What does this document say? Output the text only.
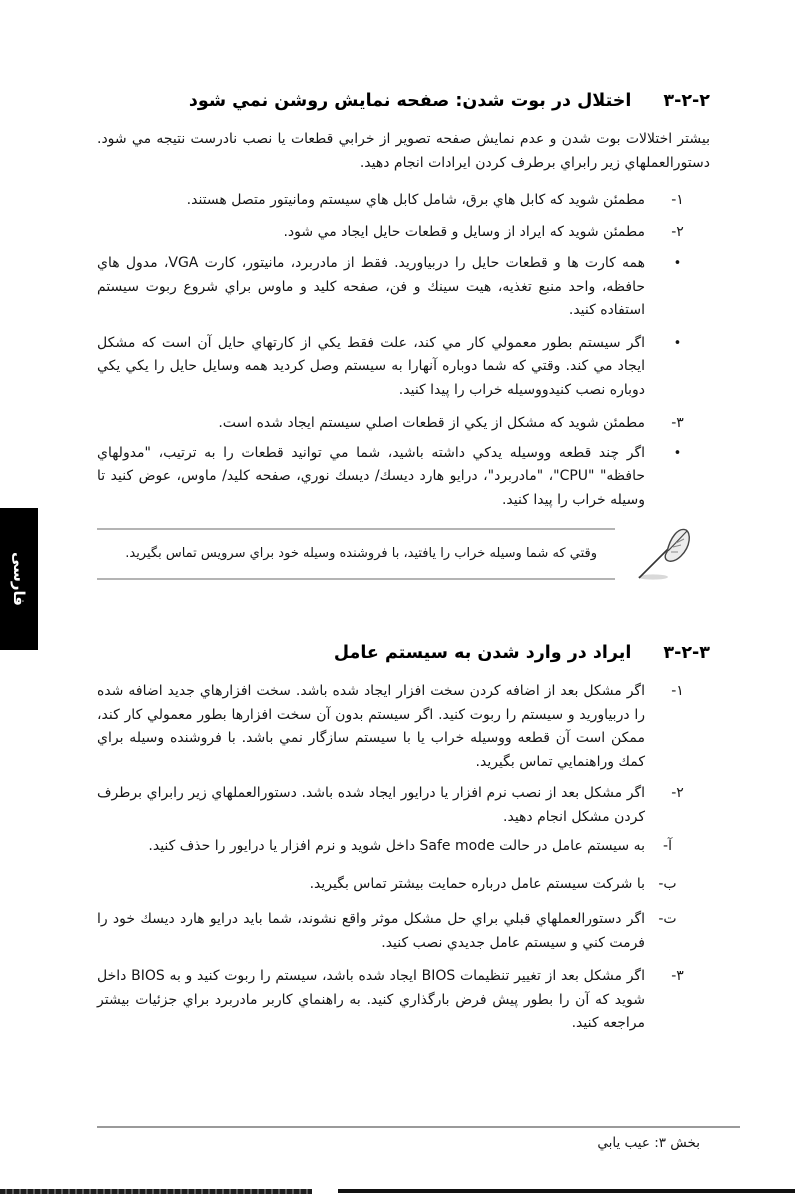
فارسی
۳-۲-۲ اختلال در بوت شدن: صفحه نمایش روشن نمي شود

بیشتر اختلالات بوت شدن و عدم نمایش صفحه تصویر از خرابي قطعات یا نصب نادرست نتیجه مي شود. دستورالعملهاي زیر رابراي برطرف کردن ایرادات انجام دهید.

۱-
مطمئن شوید که کابل هاي برق، شامل کابل هاي سیستم ومانیتور متصل هستند.
۲-
مطمئن شوید که ایراد از وسایل و قطعات حایل ایجاد مي شود.
•
همه کارت ها و قطعات حایل را دربیاورید. فقط از مادربرد، مانیتور، کارت VGA، مدول هاي حافظه، واحد منبع تغذیه، هیت سینك و فن، صفحه کلید و ماوس براي شروع ربوت سیستم استفاده کنید.
•
اگر سیستم بطور معمولي کار مي کند، علت فقط یکي از کارتهاي حایل آن است که مشکل ایجاد مي کند. وقتي که شما دوباره آنهارا به سیستم وصل کردید همه وسایل حایل را یکي یکي دوباره نصب کنیدووسیله خراب را پیدا کنید.
۳-
مطمئن شوید که مشکل از یکي از قطعات اصلي سیستم ایجاد شده است.
•
اگر چند قطعه ووسیله یدکي داشته باشید، شما مي توانید قطعات را به ترتیب، "مدولهاي حافظه" "CPU"، "مادربرد"، درایو هارد دیسك/ دیسك نوري، صفحه کلید/ ماوس، عوض کنید تا وسیله خراب را پیدا کنید.
وقتي که شما وسیله خراب را یافتید، با فروشنده وسیله خود براي سرویس تماس بگیرید.
۳-۲-۳ ایراد در وارد شدن به سیستم عامل
۱-
اگر مشکل بعد از اضافه کردن سخت افزار ایجاد شده باشد. سخت افزارهاي جدید اضافه شده را دربیاورید و سیستم را ربوت کنید. اگر سیستم بدون آن سخت افزارها بطور معمولي کار کند، ممکن است آن قطعه ووسیله خراب یا با سیستم سازگار نمي باشد. با فروشنده وسیله براي کمك وراهنمایي تماس بگیرید.
۲-
اگر مشکل بعد از نصب نرم افزار یا درایور ایجاد شده باشد. دستورالعملهاي زیر رابراي برطرف کردن مشکل انجام دهید.
آ-
به سیستم عامل در حالت Safe mode داخل شوید و نرم افزار یا درایور را حذف کنید.
ب-
با شرکت سیستم عامل درباره حمایت بیشتر تماس بگیرید.
ت-
اگر دستورالعملهاي قبلي براي حل مشکل موثر واقع نشوند، شما باید درایو هارد دیسك خود را فرمت کني و سیستم عامل جدیدي نصب کنید.
۳-
اگر مشکل بعد از تغییر تنظیمات BIOS ایجاد شده باشد، سیستم را ربوت کنید و به BIOS داخل شوید که آن را بطور پیش فرض بارگذاري کنید. به راهنماي کاربر مادربرد براي جزئیات بیشتر مراجعه کنید.
بخش ۳: عیب یابي
